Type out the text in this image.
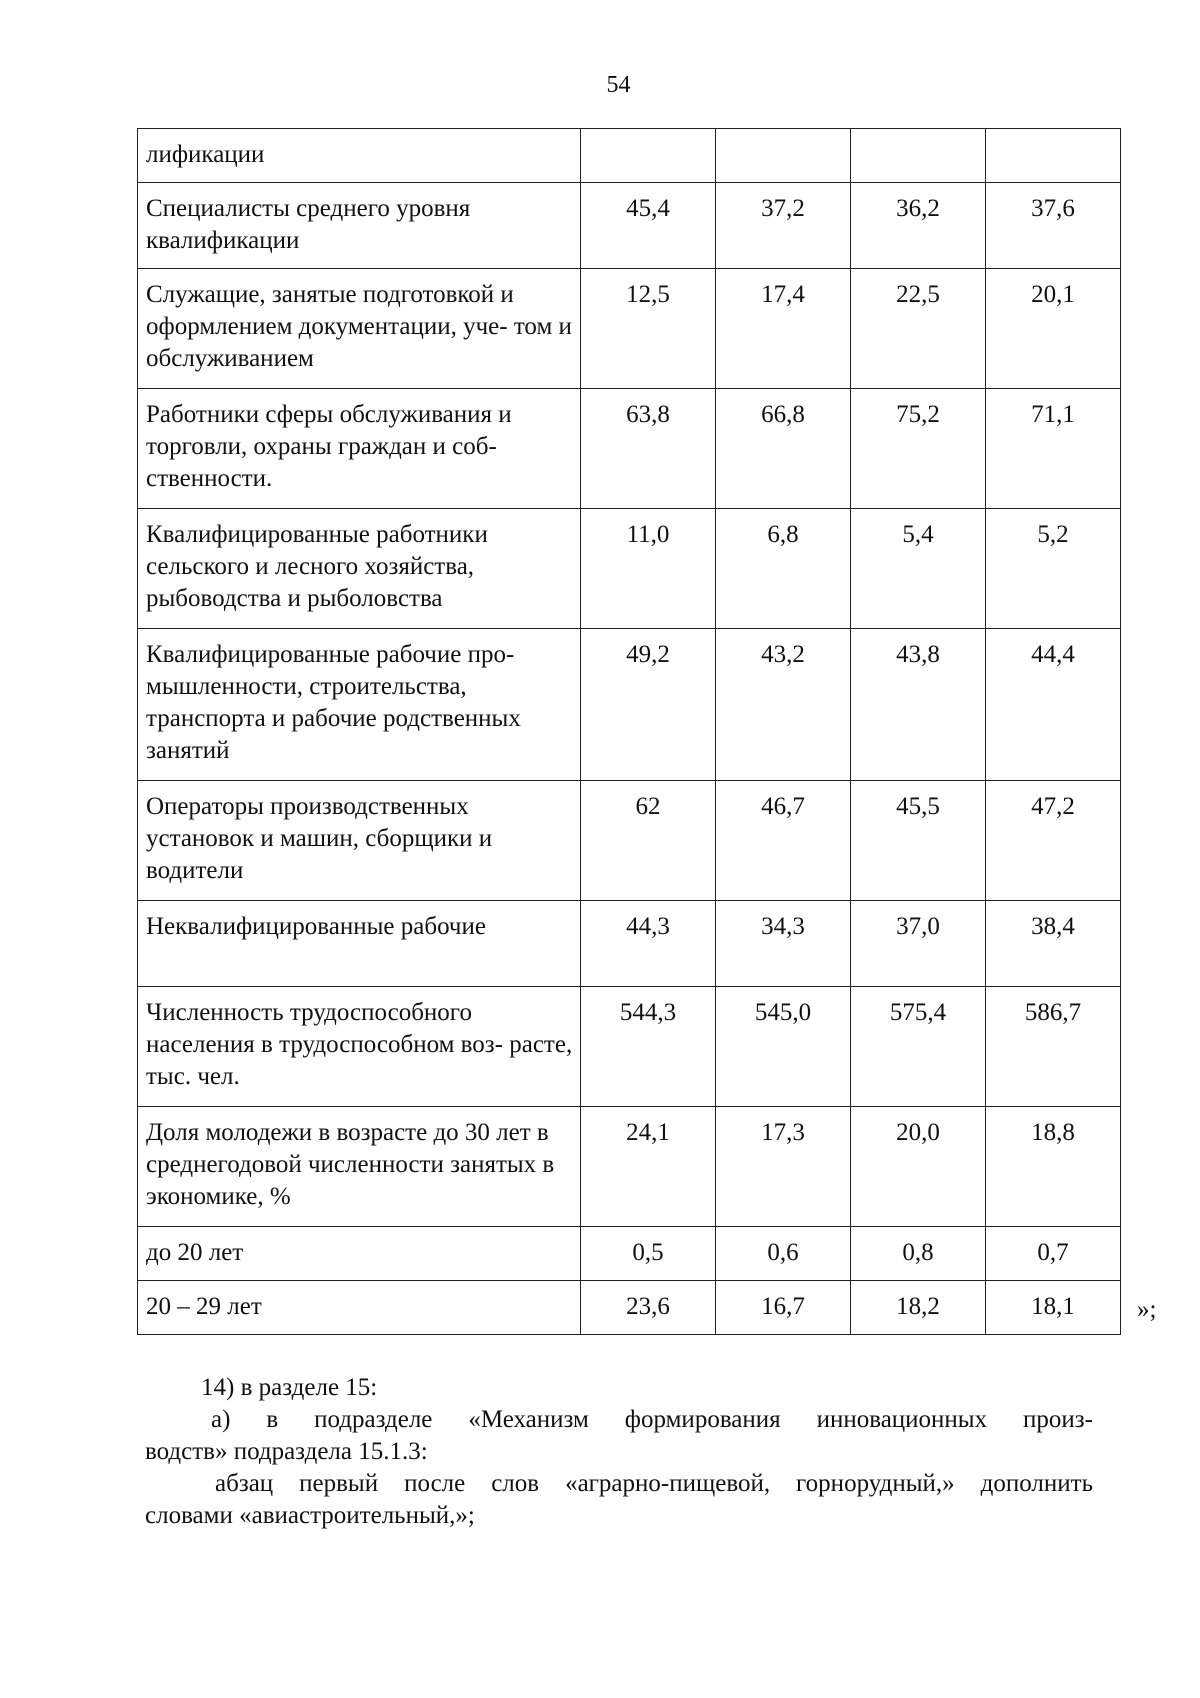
54
лификации				
Специалисты среднего уровня квалификации	45,4	37,2	36,2	37,6
Служащие, занятые подготовкой и оформлением документации, уче- том и обслуживанием	12,5	17,4	22,5	20,1
Работники сферы обслуживания и торговли, охраны граждан и соб- ственности.	63,8	66,8	75,2	71,1
Квалифицированные работники сельского и лесного хозяйства, рыбоводства и рыболовства	11,0	6,8	5,4	5,2
Квалифицированные рабочие про- мышленности, строительства, транспорта и рабочие родственных занятий	49,2	43,2	43,8	44,4
Операторы производственных установок и машин, сборщики и водители	62	46,7	45,5	47,2
Неквалифицированные рабочие	44,3	34,3	37,0	38,4
Численность трудоспособного населения в трудоспособном воз- расте, тыс. чел.	544,3	545,0	575,4	586,7
Доля молодежи в возрасте до 30 лет в среднегодовой численности занятых в экономике, %	24,1	17,3	20,0	18,8
до 20 лет	0,5	0,6	0,8	0,7
20 – 29 лет	23,6	16,7	18,2	18,1 »;
14) в разделе 15:
а) в подразделе «Механизм формирования инновационных произ-
водств» подраздела 15.1.3:
абзац первый после слов «аграрно-пищевой, горнорудный,» дополнить
словами «авиастроительный,»;
